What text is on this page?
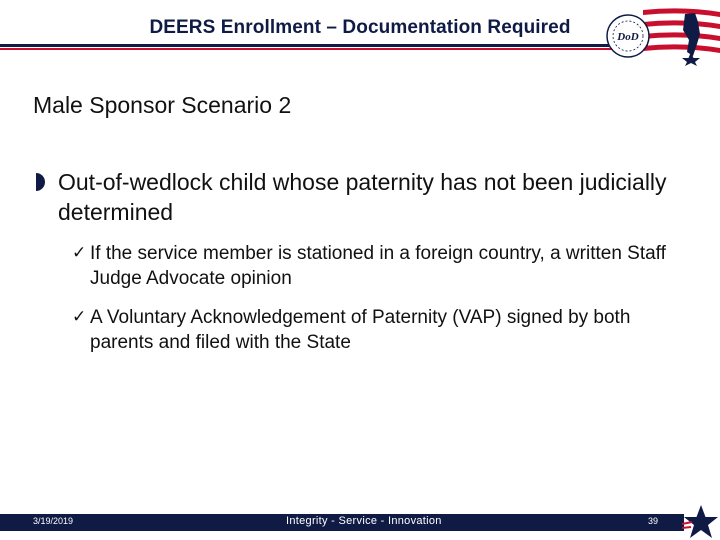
DEERS Enrollment – Documentation Required	DoD
Male Sponsor Scenario 2
Out-of-wedlock child whose paternity has not been judicially determined
✓ If the service member is stationed in a foreign country, a written Staff Judge Advocate opinion
✓ A Voluntary Acknowledgement of Paternity (VAP) signed by both parents and filed with the State
3/19/2019	Integrity - Service - Innovation	39
